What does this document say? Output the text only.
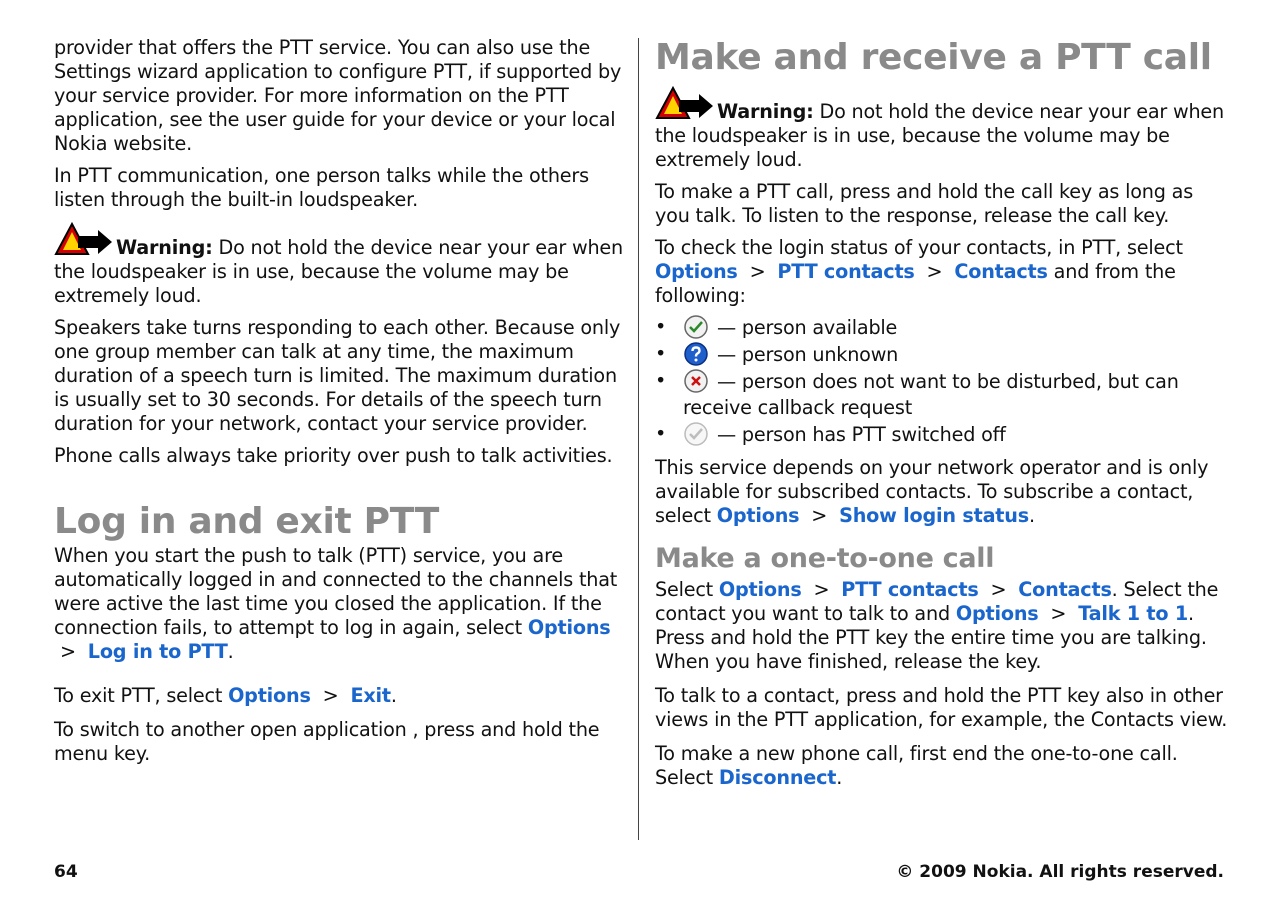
provider that offers the PTT service. You can also use the Settings wizard application to configure PTT, if supported by your service provider. For more information on the PTT application, see the user guide for your device or your local Nokia website.

In PTT communication, one person talks while the others listen through the built-in loudspeaker.

Warning: Do not hold the device near your ear when the loudspeaker is in use, because the volume may be extremely loud.

Speakers take turns responding to each other. Because only one group member can talk at any time, the maximum duration of a speech turn is limited. The maximum duration is usually set to 30 seconds. For details of the speech turn duration for your network, contact your service provider.

Phone calls always take priority over push to talk activities.

Log in and exit PTT

When you start the push to talk (PTT) service, you are automatically logged in and connected to the channels that were active the last time you closed the application. If the connection fails, to attempt to log in again, select Options > Log in to PTT.

To exit PTT, select Options > Exit.

To switch to another open application , press and hold the menu key.

Make and receive a PTT call

Warning: Do not hold the device near your ear when the loudspeaker is in use, because the volume may be extremely loud.

To make a PTT call, press and hold the call key as long as you talk. To listen to the response, release the call key.

To check the login status of your contacts, in PTT, select Options > PTT contacts > Contacts and from the following:

•	— person available
•	— person unknown
•	— person does not want to be disturbed, but can receive callback request
•	— person has PTT switched off

This service depends on your network operator and is only available for subscribed contacts. To subscribe a contact, select Options > Show login status.

Make a one-to-one call

Select Options > PTT contacts > Contacts. Select the contact you want to talk to and Options > Talk 1 to 1. Press and hold the PTT key the entire time you are talking. When you have finished, release the key.

To talk to a contact, press and hold the PTT key also in other views in the PTT application, for example, the Contacts view.

To make a new phone call, first end the one-to-one call. Select Disconnect.

64	© 2009 Nokia. All rights reserved.
